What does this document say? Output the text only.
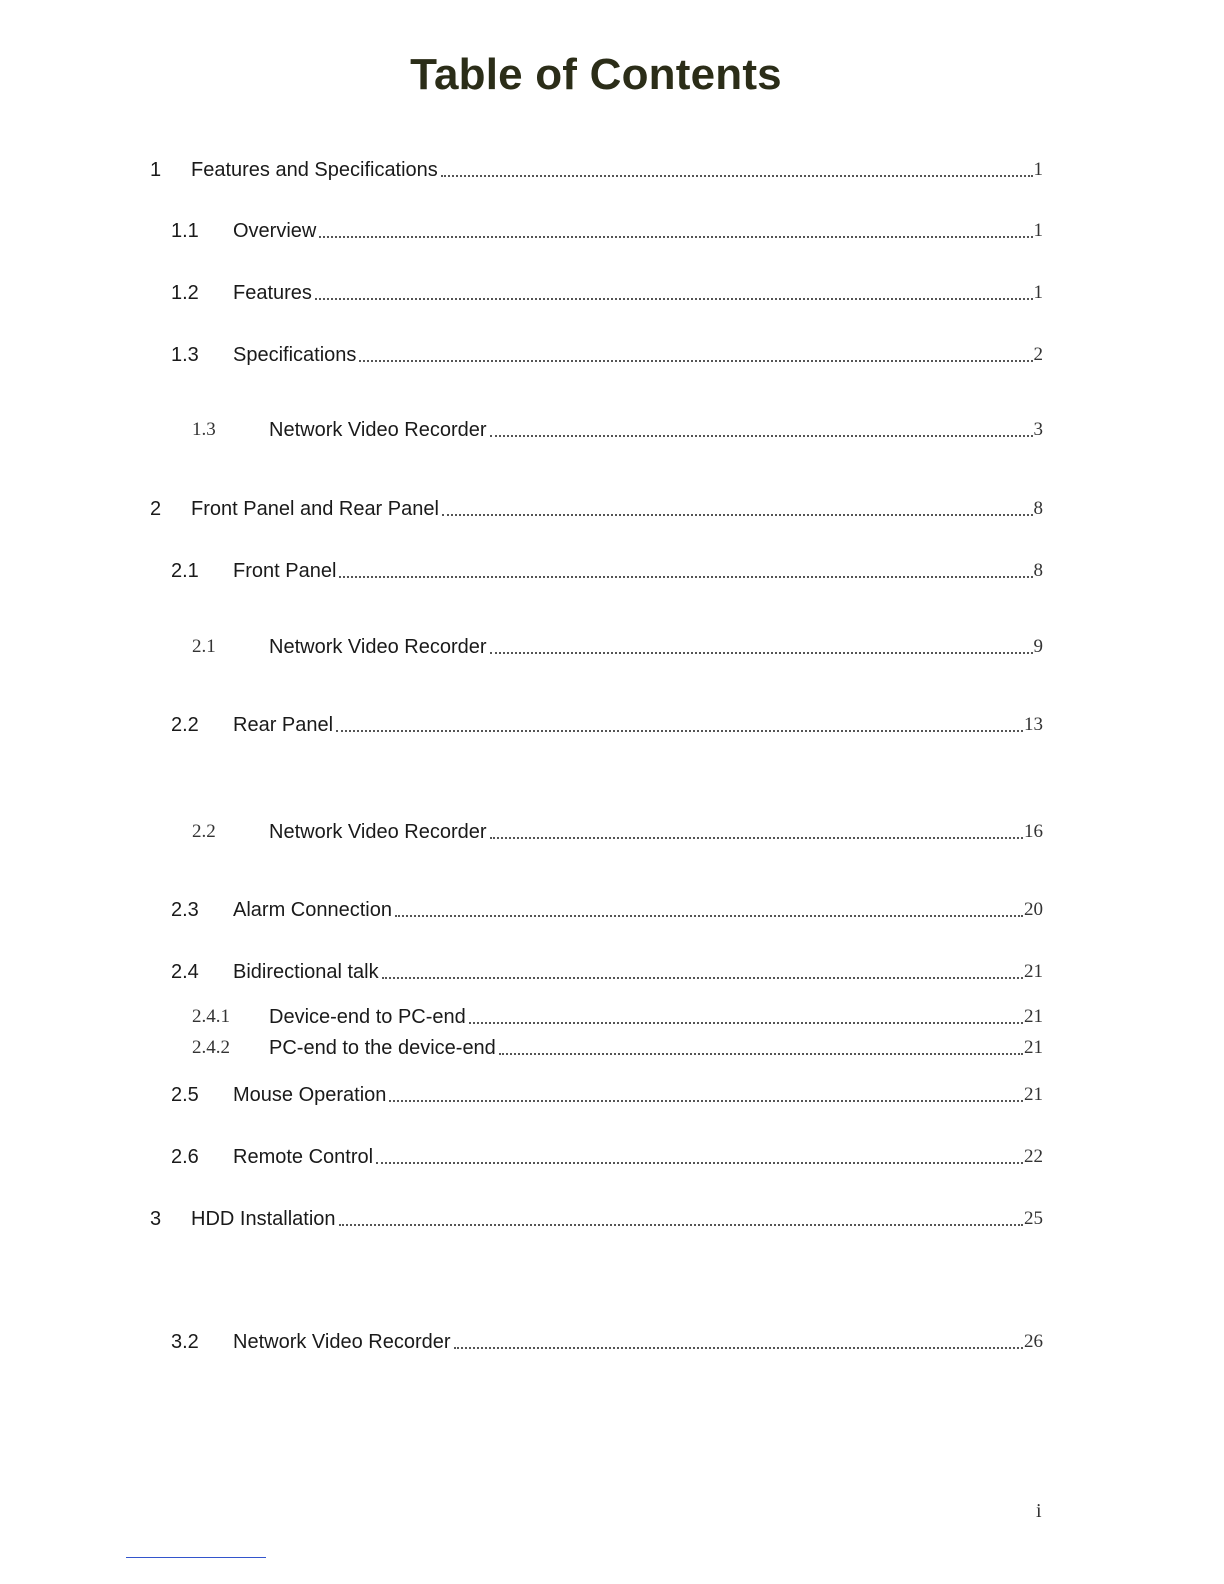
Table of Contents
1 Features and Specifications	1
1.1 Overview	1
1.2 Features	1
1.3 Specifications	2
1.3	Network Video Recorder	3
2 Front Panel and Rear Panel	8
2.1 Front Panel	8
2.1	Network Video Recorder	9
2.2 Rear Panel	13
2.2	Network Video Recorder	16
2.3 Alarm Connection	20
2.4 Bidirectional talk	21
2.4.1 Device-end to PC-end	21
2.4.2 PC-end to the device-end	21
2.5 Mouse Operation	21
2.6 Remote Control	22
3 HDD Installation	25
3.2 Network Video Recorder	26
i
